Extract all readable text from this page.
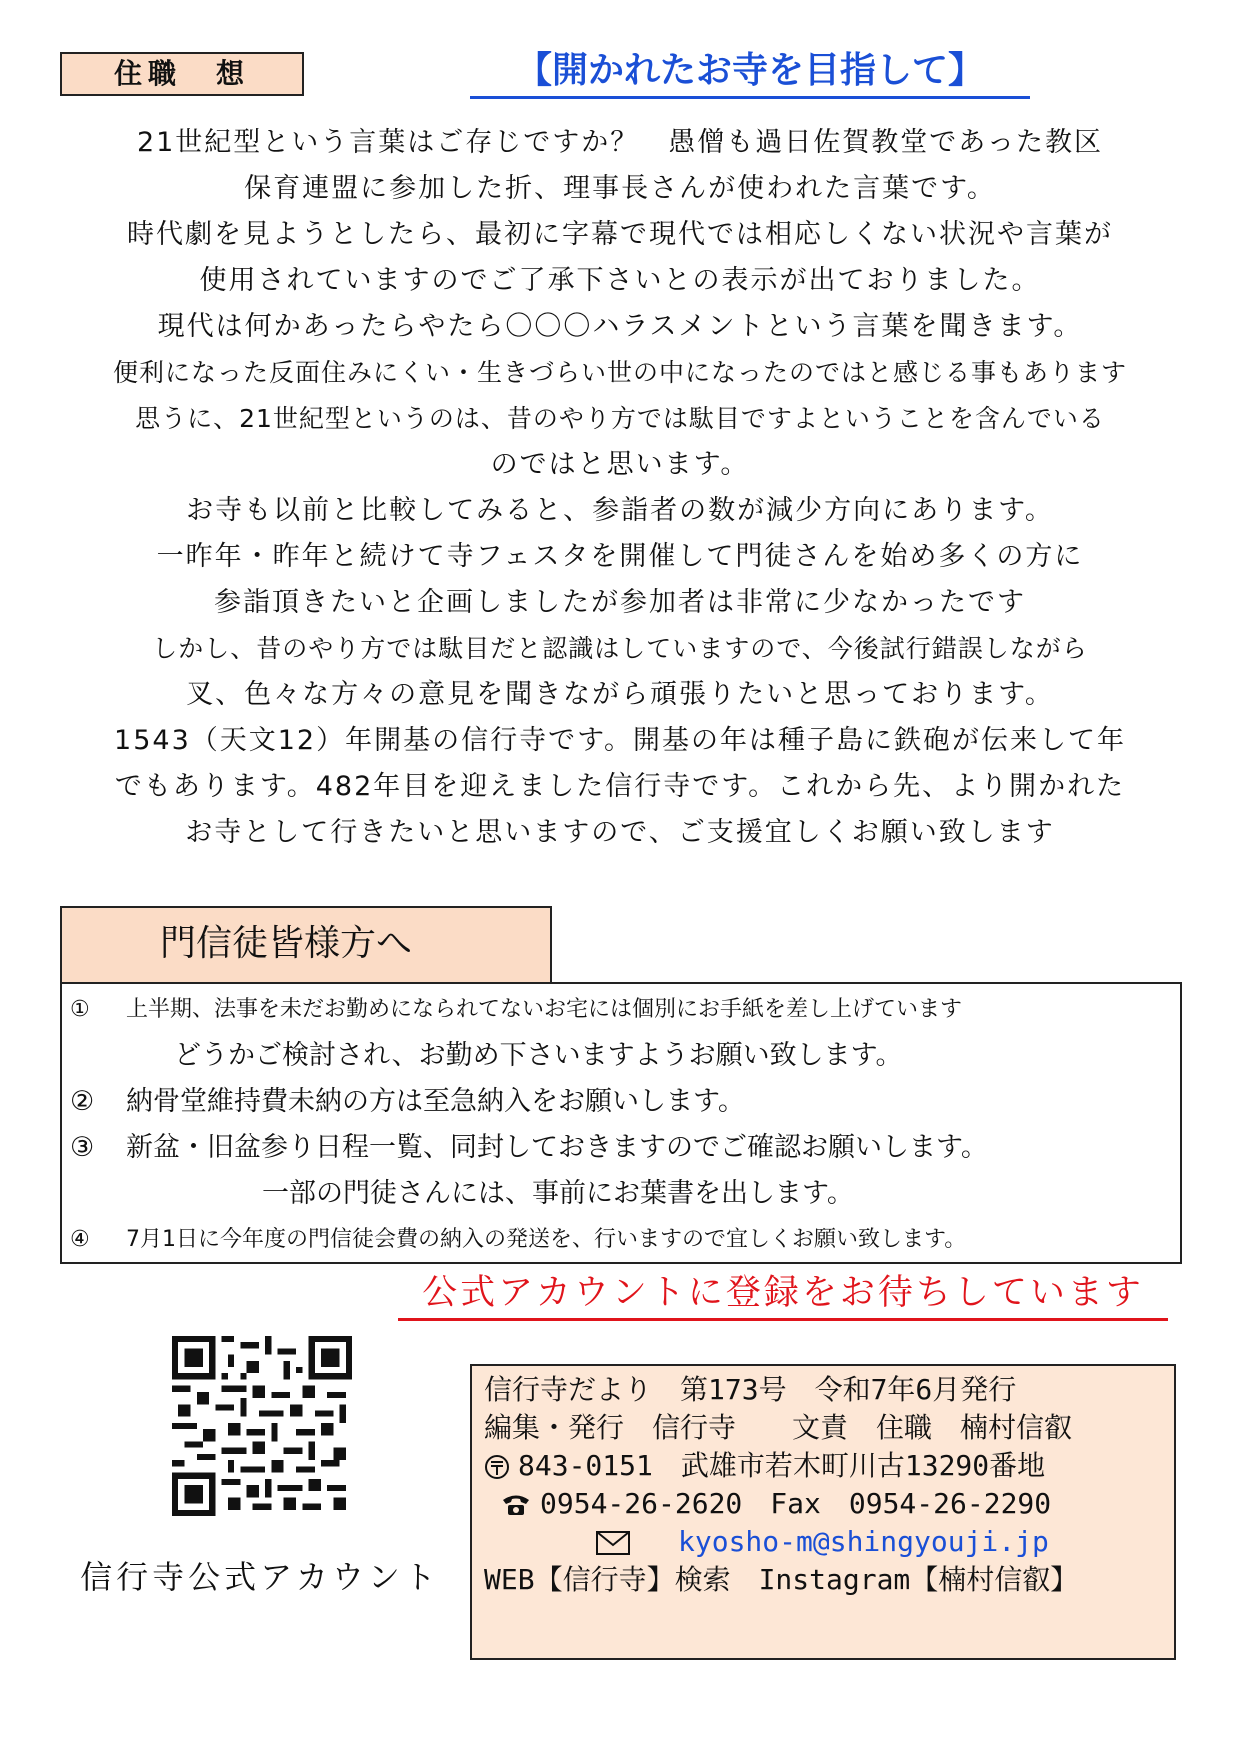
住職　想	【開かれたお寺を目指して】
21世紀型という言葉はご存じですか？　愚僧も過日佐賀教堂であった教区
保育連盟に参加した折、理事長さんが使われた言葉です。
時代劇を見ようとしたら、最初に字幕で現代では相応しくない状況や言葉が
使用されていますのでご了承下さいとの表示が出ておりました。
現代は何かあったらやたら〇〇〇ハラスメントという言葉を聞きます。
便利になった反面住みにくい・生きづらい世の中になったのではと感じる事もあります
思うに、21世紀型というのは、昔のやり方では駄目ですよということを含んでいる
のではと思います。
お寺も以前と比較してみると、参詣者の数が減少方向にあります。
一昨年・昨年と続けて寺フェスタを開催して門徒さんを始め多くの方に
参詣頂きたいと企画しましたが参加者は非常に少なかったです
しかし、昔のやり方では駄目だと認識はしていますので、今後試行錯誤しながら
叉、色々な方々の意見を聞きながら頑張りたいと思っております。
1543（天文12）年開基の信行寺です。開基の年は種子島に鉄砲が伝来して年
でもあります。482年目を迎えました信行寺です。これから先、より開かれた
お寺として行きたいと思いますので、ご支援宜しくお願い致します
門信徒皆様方へ
① 上半期、法事を未だお勤めになられてないお宅には個別にお手紙を差し上げています
どうかご検討され、お勤め下さいますようお願い致します。
② 納骨堂維持費未納の方は至急納入をお願いします。
③ 新盆・旧盆参り日程一覧、同封しておきますのでご確認お願いします。
一部の門徒さんには、事前にお葉書を出します。
④ 7月1日に今年度の門信徒会費の納入の発送を、行いますので宜しくお願い致します。
公式アカウントに登録をお待ちしています
信行寺公式アカウント
信行寺だより　第173号　令和7年6月発行
編集・発行　信行寺　　文責　住職　楠村信叡
843-0151　武雄市若木町川古13290番地
0954-26-2620　Fax　0954-26-2290
kyosho-m@shingyouji.jp
WEB【信行寺】検索　Instagram【楠村信叡】
